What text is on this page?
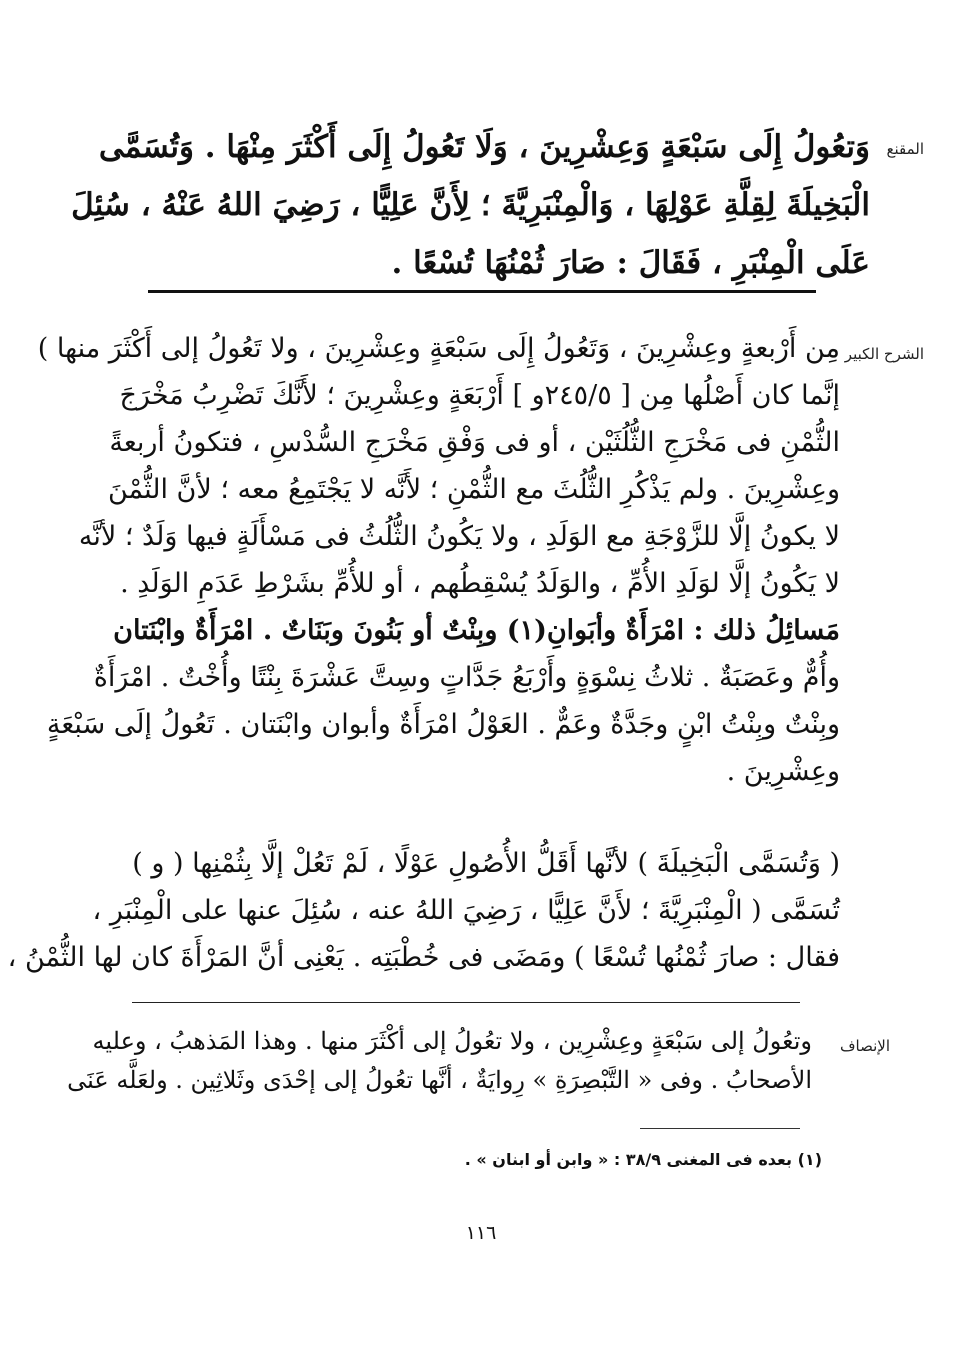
المقنع
وَتعُولُ إِلَى سَبْعَةٍ وَعِشْرِينَ ، وَلَا تَعُولُ إِلَى أَكْثَرَ مِنْهَا . وَتُسَمَّى
الْبَخِيلَةَ لِقِلَّةِ عَوْلِهَا ، وَالْمِنْبَرِيَّةَ ؛ لِأَنَّ عَلِيًّا ، رَضِيَ اللهُ عَنْهُ ، سُئِلَ
عَلَى الْمِنْبَرِ ، فَقَالَ : صَارَ ثُمْنُهَا تُسْعًا .
الشرح الكبير
مِن أَرْبعةٍ وعِشْرِينَ ، وَتَعُولُ إِلَى سَبْعَةٍ وعِشْرِينَ ، ولا تَعُولُ إلى أَكْثَرَ منها )
إنَّما كان أَصْلُها مِن [ ٢٤٥/٥و ] أَرْبَعَةٍ وعِشْرِينَ ؛ لأَنَّكَ تَضْرِبُ مَخْرَجَ
الثُّمْنِ فى مَخْرَجِ الثُّلُثَيْن ، أو فى وَفْقِ مَخْرَجِ السُّدْسِ ، فتكونُ أربعةً
وعِشْرِينَ . ولم يَذْكُرِ الثُّلُثَ مع الثُّمْنِ ؛ لأَنَّه لا يَجْتَمِعُ معه ؛ لأنَّ الثُّمْنَ
لا يكونُ إلَّا للزَّوْجَةِ مع الوَلَدِ ، ولا يَكُونُ الثُّلُثُ فى مَسْأَلَةٍ فيها وَلَدٌ ؛ لأنَّه
لا يَكُونُ إلَّا لوَلَدِ الأُمِّ ، والوَلَدُ يُسْقِطُهم ، أو للأُمِّ بشَرْطِ عَدَمِ الوَلَدِ .
مَسائِلُ ذلك : امْرَأَةٌ وأبَوانِ(١) وبِنْتٌ أو بَنُونَ وبَنَاتٌ . امْرَأَةٌ وابْنَتان
وأُمٌّ وعَصَبَةٌ . ثلاثُ نِسْوَةٍ وأَرْبَعُ جَدَّاتٍ وسِتَّ عَشْرَةَ بِنْتًا وأُخْتٌ . امْرَأَةٌ
وبِنْتٌ وبِنْتُ ابْنٍ وجَدَّةٌ وعَمٌّ . العَوْلُ امْرَأَةٌ وأبوان وابْنَتان . تَعُولُ إلَى سَبْعَةٍ
وعِشْرِينَ .
( وَتُسَمَّى الْبَخِيلَةَ ) لأنَّها أَقَلُّ الأُصُولِ عَوْلًا ، لَمْ تَعُلْ إلَّا بِثُمْنِها ( و )
تُسَمَّى ( الْمِنْبَرِيَّةَ ؛ لأَنَّ عَلِيًّا ، رَضِيَ اللهُ عنه ، سُئِلَ عنها على الْمِنْبَرِ ،
فقال : صارَ ثُمْنُها تُسْعًا ) ومَضَى فى خُطْبَتِه . يَعْنِى أنَّ المَرْأَةَ كان لها الثُّمْنُ ،
الإنصاف
وتعُولُ إلى سَبْعَةٍ وعِشْرِين ، ولا تعُولُ إلى أكْثَرَ منها . وهذا المَذهبُ ، وعليه
الأصحابُ . وفى « التَّبْصِرَةِ » رِوايَةٌ ، أنَّها تعُولُ إلى إحْدَى وثَلاثِين . ولعَلَّه عَنَى
(١) بعده فى المغنى ٣٨/٩ : « وابن أو ابنان » .
١١٦
